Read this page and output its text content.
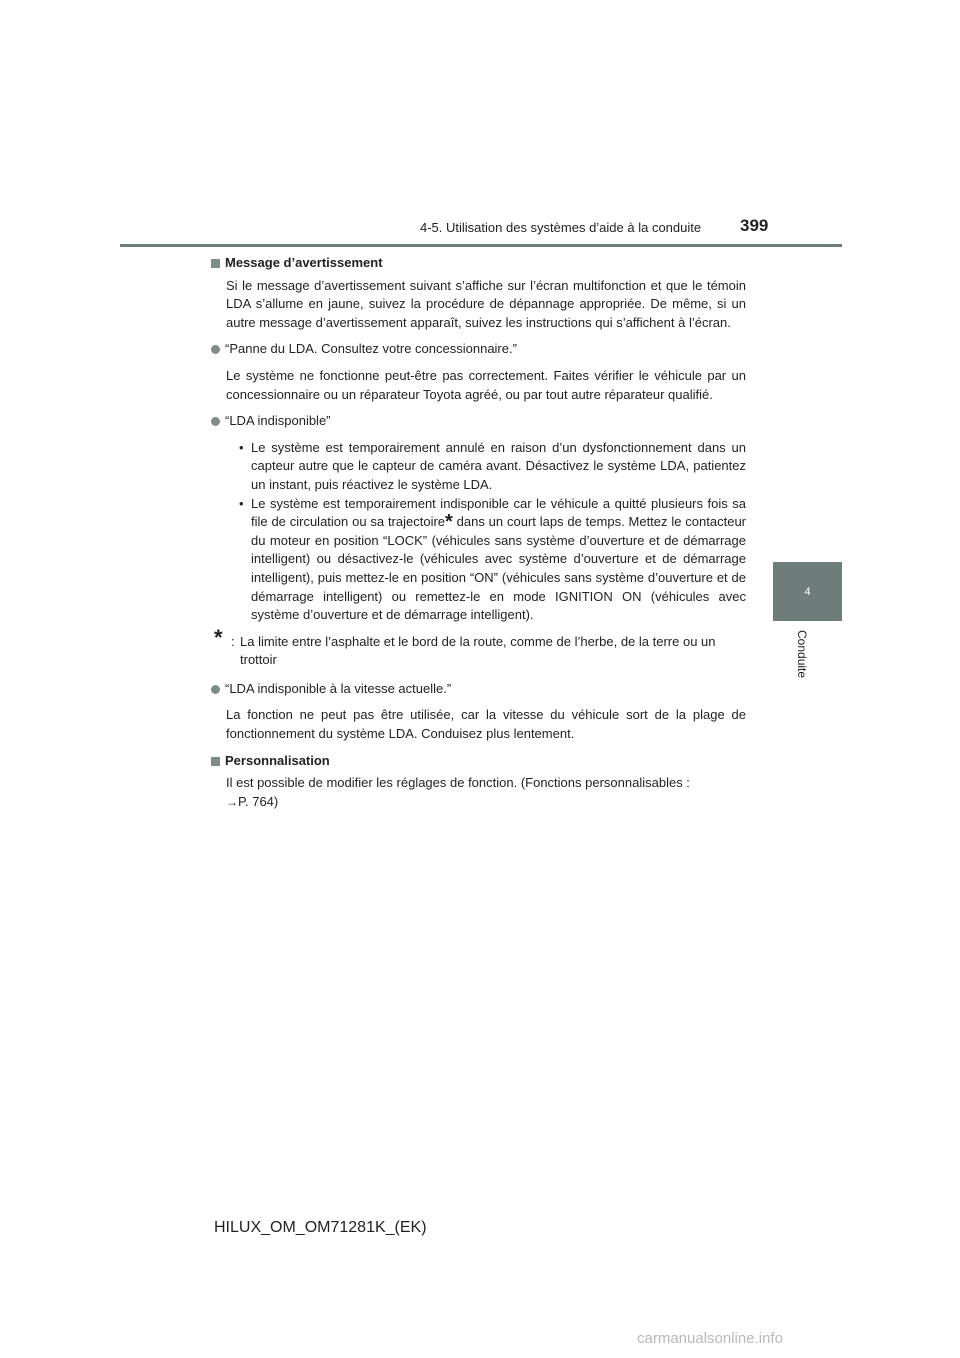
4-5. Utilisation des systèmes d’aide à la conduite 399
4
Conduite
Message d’avertissement

Si le message d’avertissement suivant s’affiche sur l’écran multifonction et que le témoin LDA s’allume en jaune, suivez la procédure de dépannage appropriée. De même, si un autre message d’avertissement apparaît, suivez les instructions qui s’affichent à l’écran.

“Panne du LDA. Consultez votre concessionnaire.”

Le système ne fonctionne peut-être pas correctement. Faites vérifier le véhicule par un concessionnaire ou un réparateur Toyota agréé, ou par tout autre réparateur qualifié.

“LDA indisponible”
• Le système est temporairement annulé en raison d’un dysfonctionnement dans un capteur autre que le capteur de caméra avant. Désactivez le système LDA, patientez un instant, puis réactivez le système LDA.
• Le système est temporairement indisponible car le véhicule a quitté plusieurs fois sa file de circulation ou sa trajectoire* dans un court laps de temps. Mettez le contacteur du moteur en position “LOCK” (véhicules sans système d’ouverture et de démarrage intelligent) ou désactivez-le (véhicules avec système d’ouverture et de démarrage intelligent), puis mettez-le en position “ON” (véhicules sans système d’ouverture et de démarrage intelligent) ou remettez-le en mode IGNITION ON (véhicules avec système d’ouverture et de démarrage intelligent).
* : La limite entre l’asphalte et le bord de la route, comme de l’herbe, de la terre ou un
trottoir
“LDA indisponible à la vitesse actuelle.”

La fonction ne peut pas être utilisée, car la vitesse du véhicule sort de la plage de fonctionnement du système LDA. Conduisez plus lentement.

Personnalisation

Il est possible de modifier les réglages de fonction. (Fonctions personnalisables :
→P. 764)

HILUX_OM_OM71281K_(EK)
carmanualsonline.info
